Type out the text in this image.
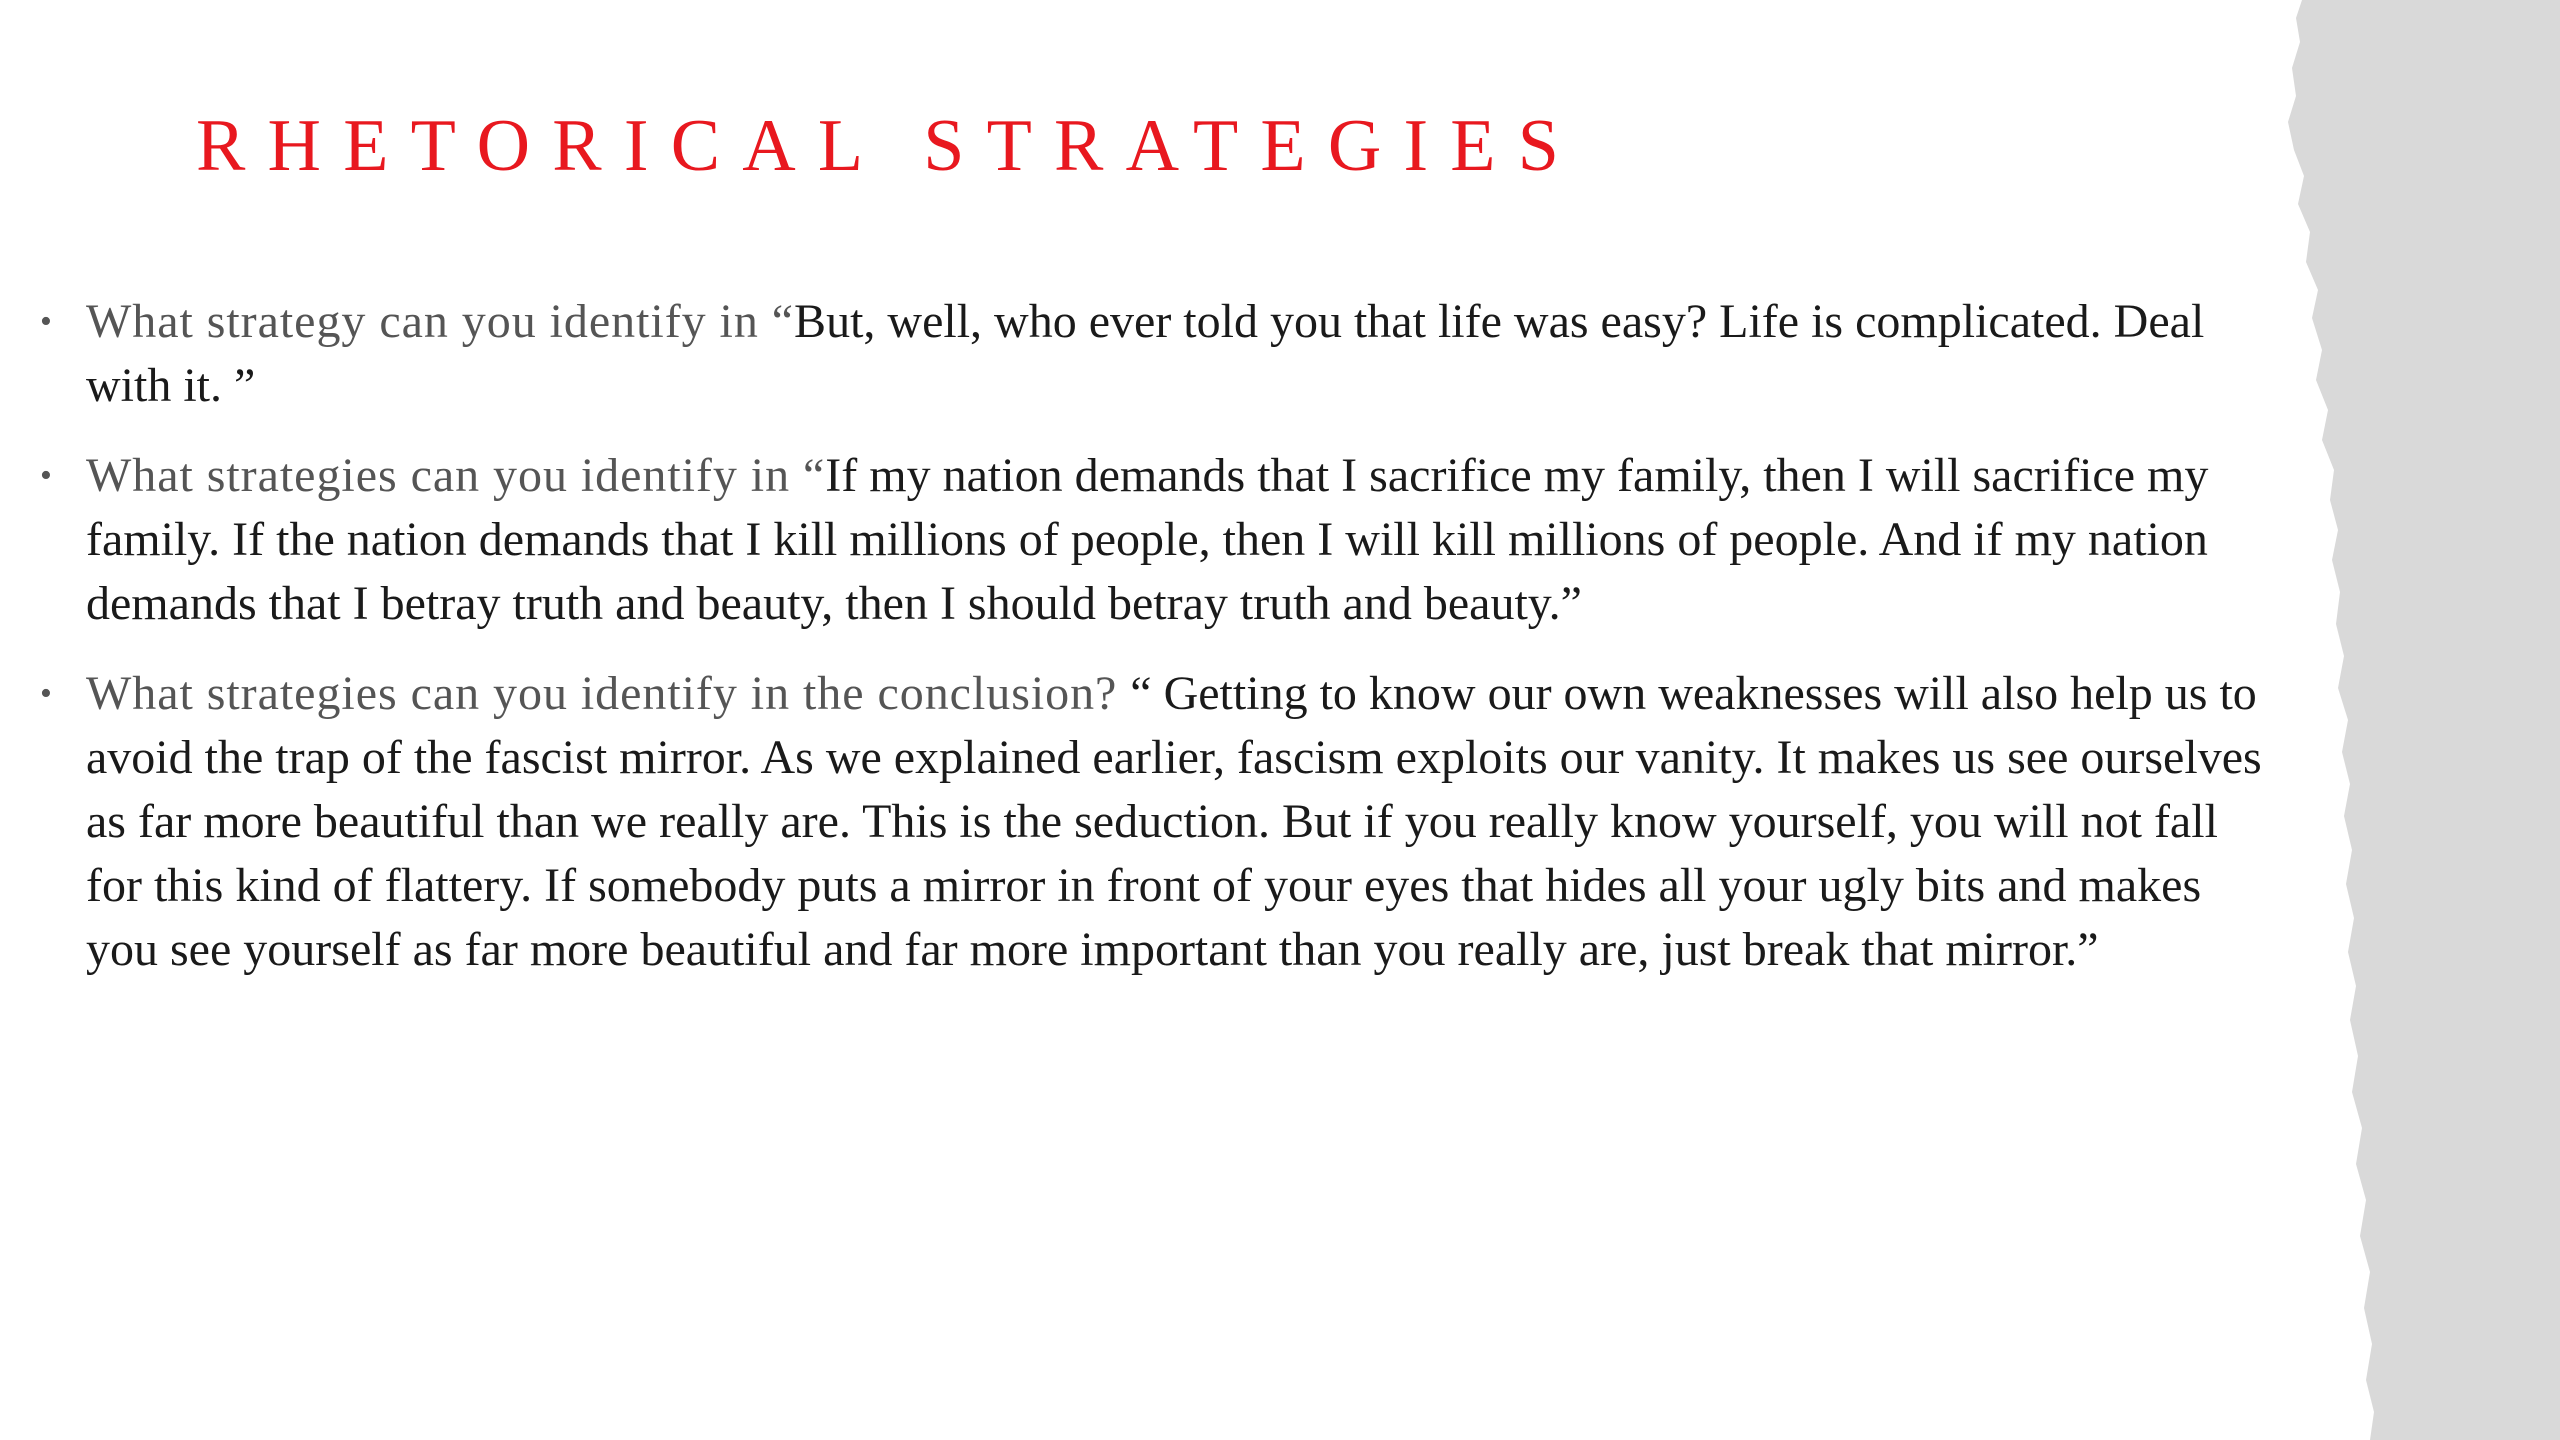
RHETORICAL STRATEGIES
• What strategy can you identify in “But, well, who ever told you that life was easy? Life is complicated. Deal with it. ”
• What strategies can you identify in “If my nation demands that I sacrifice my family, then I will sacrifice my family. If the nation demands that I kill millions of people, then I will kill millions of people. And if my nation demands that I betray truth and beauty, then I should betray truth and beauty.”
• What strategies can you identify in the conclusion? “ Getting to know our own weaknesses will also help us to avoid the trap of the fascist mirror. As we explained earlier, fascism exploits our vanity. It makes us see ourselves as far more beautiful than we really are. This is the seduction. But if you really know yourself, you will not fall for this kind of flattery. If somebody puts a mirror in front of your eyes that hides all your ugly bits and makes you see yourself as far more beautiful and far more important than you really are, just break that mirror.”
